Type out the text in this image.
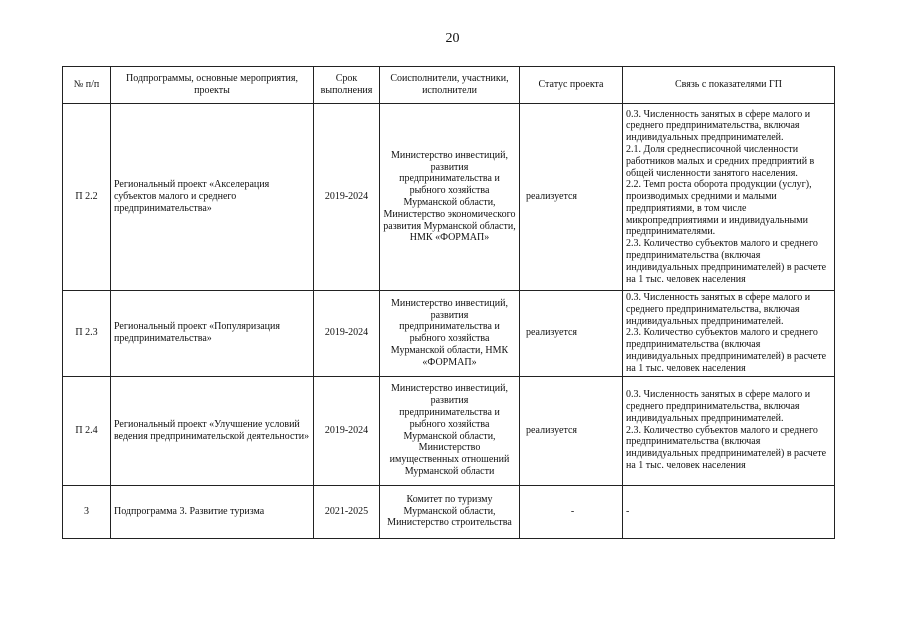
20
№ п/п	Подпрограммы, основные мероприятия, проекты	Срок выполнения	Соисполнители, участники, исполнители	Статус проекта	Связь с показателями ГП
П 2.2	Региональный проект «Акселерация субъектов малого и среднего предпринимательства»	2019-2024	Министерство инвестиций, развития предпринимательства и рыбного хозяйства Мурманской области, Министерство экономического развития Мурманской области, НМК «ФОРМАП»	реализуется	0.3. Численность занятых в сфере малого и среднего предпринимательства, включая индивидуальных предпринимателей.
2.1. Доля среднесписочной численности работников малых и средних предприятий в общей численности занятого населения.
2.2. Темп роста оборота продукции (услуг), производимых средними и малыми предприятиями, в том числе микропредприятиями и индивидуальными предпринимателями.
2.3. Количество субъектов малого и среднего предпринимательства (включая индивидуальных предпринимателей) в расчете на 1 тыс. человек населения

П 2.3	Региональный проект «Популяризация предпринимательства»	2019-2024	Министерство инвестиций, развития предпринимательства и рыбного хозяйства Мурманской области, НМК «ФОРМАП»	реализуется	0.3. Численность занятых в сфере малого и среднего предпринимательства, включая индивидуальных предпринимателей.
2.3. Количество субъектов малого и среднего предпринимательства (включая индивидуальных предпринимателей) в расчете на 1 тыс. человек населения

П 2.4	Региональный проект «Улучшение условий ведения предпринимательской деятельности»	2019-2024	Министерство инвестиций, развития предпринимательства и рыбного хозяйства Мурманской области, Министерство имущественных отношений Мурманской области	реализуется	0.3. Численность занятых в сфере малого и среднего предпринимательства, включая индивидуальных предпринимателей.
2.3. Количество субъектов малого и среднего предпринимательства (включая индивидуальных предпринимателей) в расчете на 1 тыс. человек населения

3	Подпрограмма 3. Развитие туризма	2021-2025	Комитет по туризму Мурманской области, Министерство строительства	-	-
